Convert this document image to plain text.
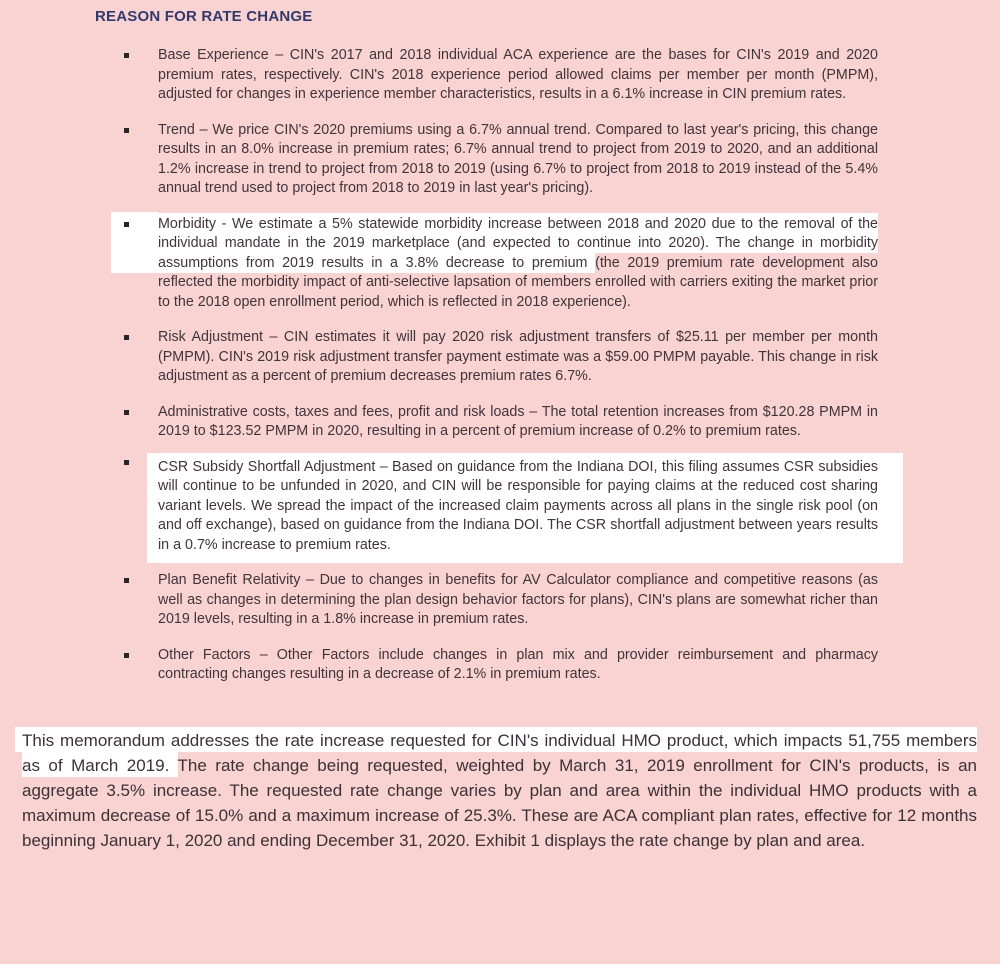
REASON FOR RATE CHANGE
Base Experience – CIN's 2017 and 2018 individual ACA experience are the bases for CIN's 2019 and 2020 premium rates, respectively. CIN's 2018 experience period allowed claims per member per month (PMPM), adjusted for changes in experience member characteristics, results in a 6.1% increase in CIN premium rates.
Trend – We price CIN's 2020 premiums using a 6.7% annual trend. Compared to last year's pricing, this change results in an 8.0% increase in premium rates; 6.7% annual trend to project from 2019 to 2020, and an additional 1.2% increase in trend to project from 2018 to 2019 (using 6.7% to project from 2018 to 2019 instead of the 5.4% annual trend used to project from 2018 to 2019 in last year's pricing).
Morbidity - We estimate a 5% statewide morbidity increase between 2018 and 2020 due to the removal of the individual mandate in the 2019 marketplace (and expected to continue into 2020). The change in morbidity assumptions from 2019 results in a 3.8% decrease to premium (the 2019 premium rate development also reflected the morbidity impact of anti-selective lapsation of members enrolled with carriers exiting the market prior to the 2018 open enrollment period, which is reflected in 2018 experience).
Risk Adjustment – CIN estimates it will pay 2020 risk adjustment transfers of $25.11 per member per month (PMPM). CIN's 2019 risk adjustment transfer payment estimate was a $59.00 PMPM payable. This change in risk adjustment as a percent of premium decreases premium rates 6.7%.
Administrative costs, taxes and fees, profit and risk loads – The total retention increases from $120.28 PMPM in 2019 to $123.52 PMPM in 2020, resulting in a percent of premium increase of 0.2% to premium rates.
CSR Subsidy Shortfall Adjustment – Based on guidance from the Indiana DOI, this filing assumes CSR subsidies will continue to be unfunded in 2020, and CIN will be responsible for paying claims at the reduced cost sharing variant levels. We spread the impact of the increased claim payments across all plans in the single risk pool (on and off exchange), based on guidance from the Indiana DOI. The CSR shortfall adjustment between years results in a 0.7% increase to premium rates.
Plan Benefit Relativity – Due to changes in benefits for AV Calculator compliance and competitive reasons (as well as changes in determining the plan design behavior factors for plans), CIN's plans are somewhat richer than 2019 levels, resulting in a 1.8% increase in premium rates.
Other Factors – Other Factors include changes in plan mix and provider reimbursement and pharmacy contracting changes resulting in a decrease of 2.1% in premium rates.
This memorandum addresses the rate increase requested for CIN's individual HMO product, which impacts 51,755 members as of March 2019. The rate change being requested, weighted by March 31, 2019 enrollment for CIN's products, is an aggregate 3.5% increase. The requested rate change varies by plan and area within the individual HMO products with a maximum decrease of 15.0% and a maximum increase of 25.3%. These are ACA compliant plan rates, effective for 12 months beginning January 1, 2020 and ending December 31, 2020. Exhibit 1 displays the rate change by plan and area.
